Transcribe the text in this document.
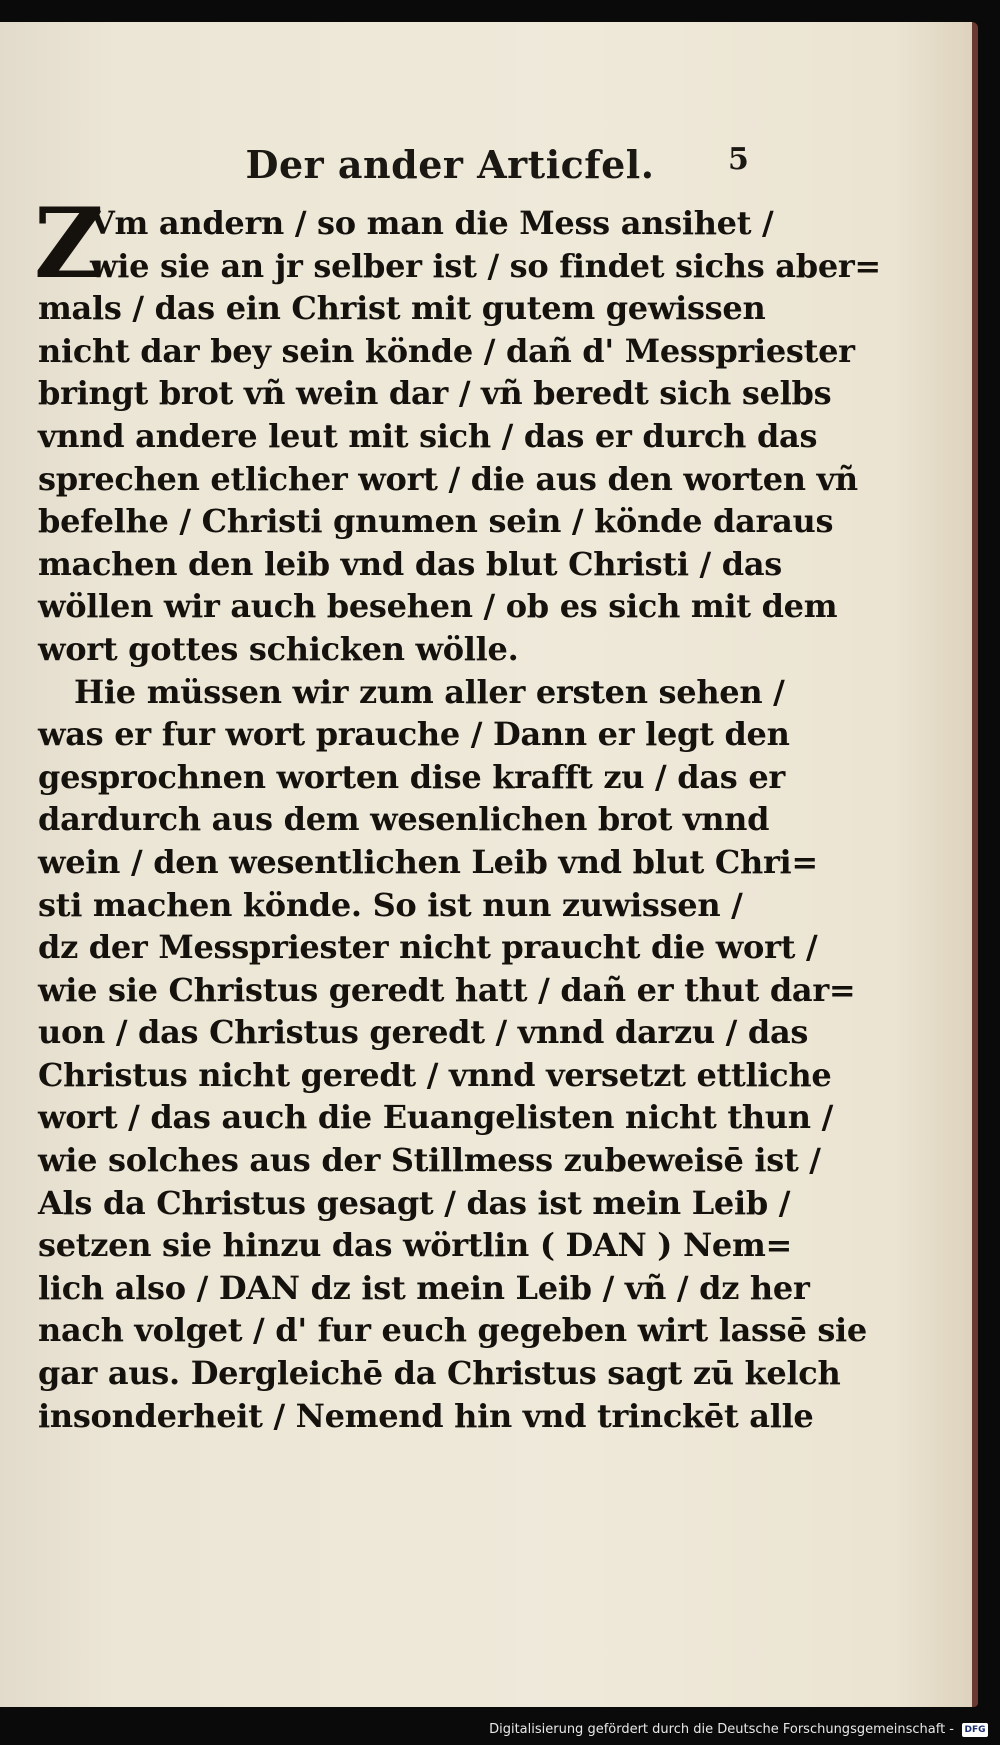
Der ander Articfel.	5
Z
Vm andern / so man die Mess ansihet /
wie sie an jr selber ist / so findet sichs aber=
mals / das ein Christ mit gutem gewissen
nicht dar bey sein könde / dañ d' Messpriester
bringt brot vñ wein dar / vñ beredt sich selbs
vnnd andere leut mit sich / das er durch das
sprechen etlicher wort / die aus den worten vñ
befelhe / Christi gnumen sein / könde daraus
machen den leib vnd das blut Christi / das
wöllen wir auch besehen / ob es sich mit dem
wort gottes schicken wölle.
Hie müssen wir zum aller ersten sehen /
was er fur wort prauche / Dann er legt den
gesprochnen worten dise krafft zu / das er
dardurch aus dem wesenlichen brot vnnd
wein / den wesentlichen Leib vnd blut Chri=
sti machen könde. So ist nun zuwissen /
dz der Messpriester nicht praucht die wort /
wie sie Christus geredt hatt / dañ er thut dar=
uon / das Christus geredt / vnnd darzu / das
Christus nicht geredt / vnnd versetzt ettliche
wort / das auch die Euangelisten nicht thun /
wie solches aus der Stillmess zubeweisē ist /
Als da Christus gesagt / das ist mein Leib /
setzen sie hinzu das wörtlin ( DAN ) Nem=
lich also / DAN dz ist mein Leib / vñ / dz her
nach volget / d' fur euch gegeben wirt lassē sie
gar aus. Dergleichē da Christus sagt zū kelch
insonderheit / Nemend hin vnd trinckēt alle
Digitalisierung gefördert durch die Deutsche Forschungsgemeinschaft - DFG
